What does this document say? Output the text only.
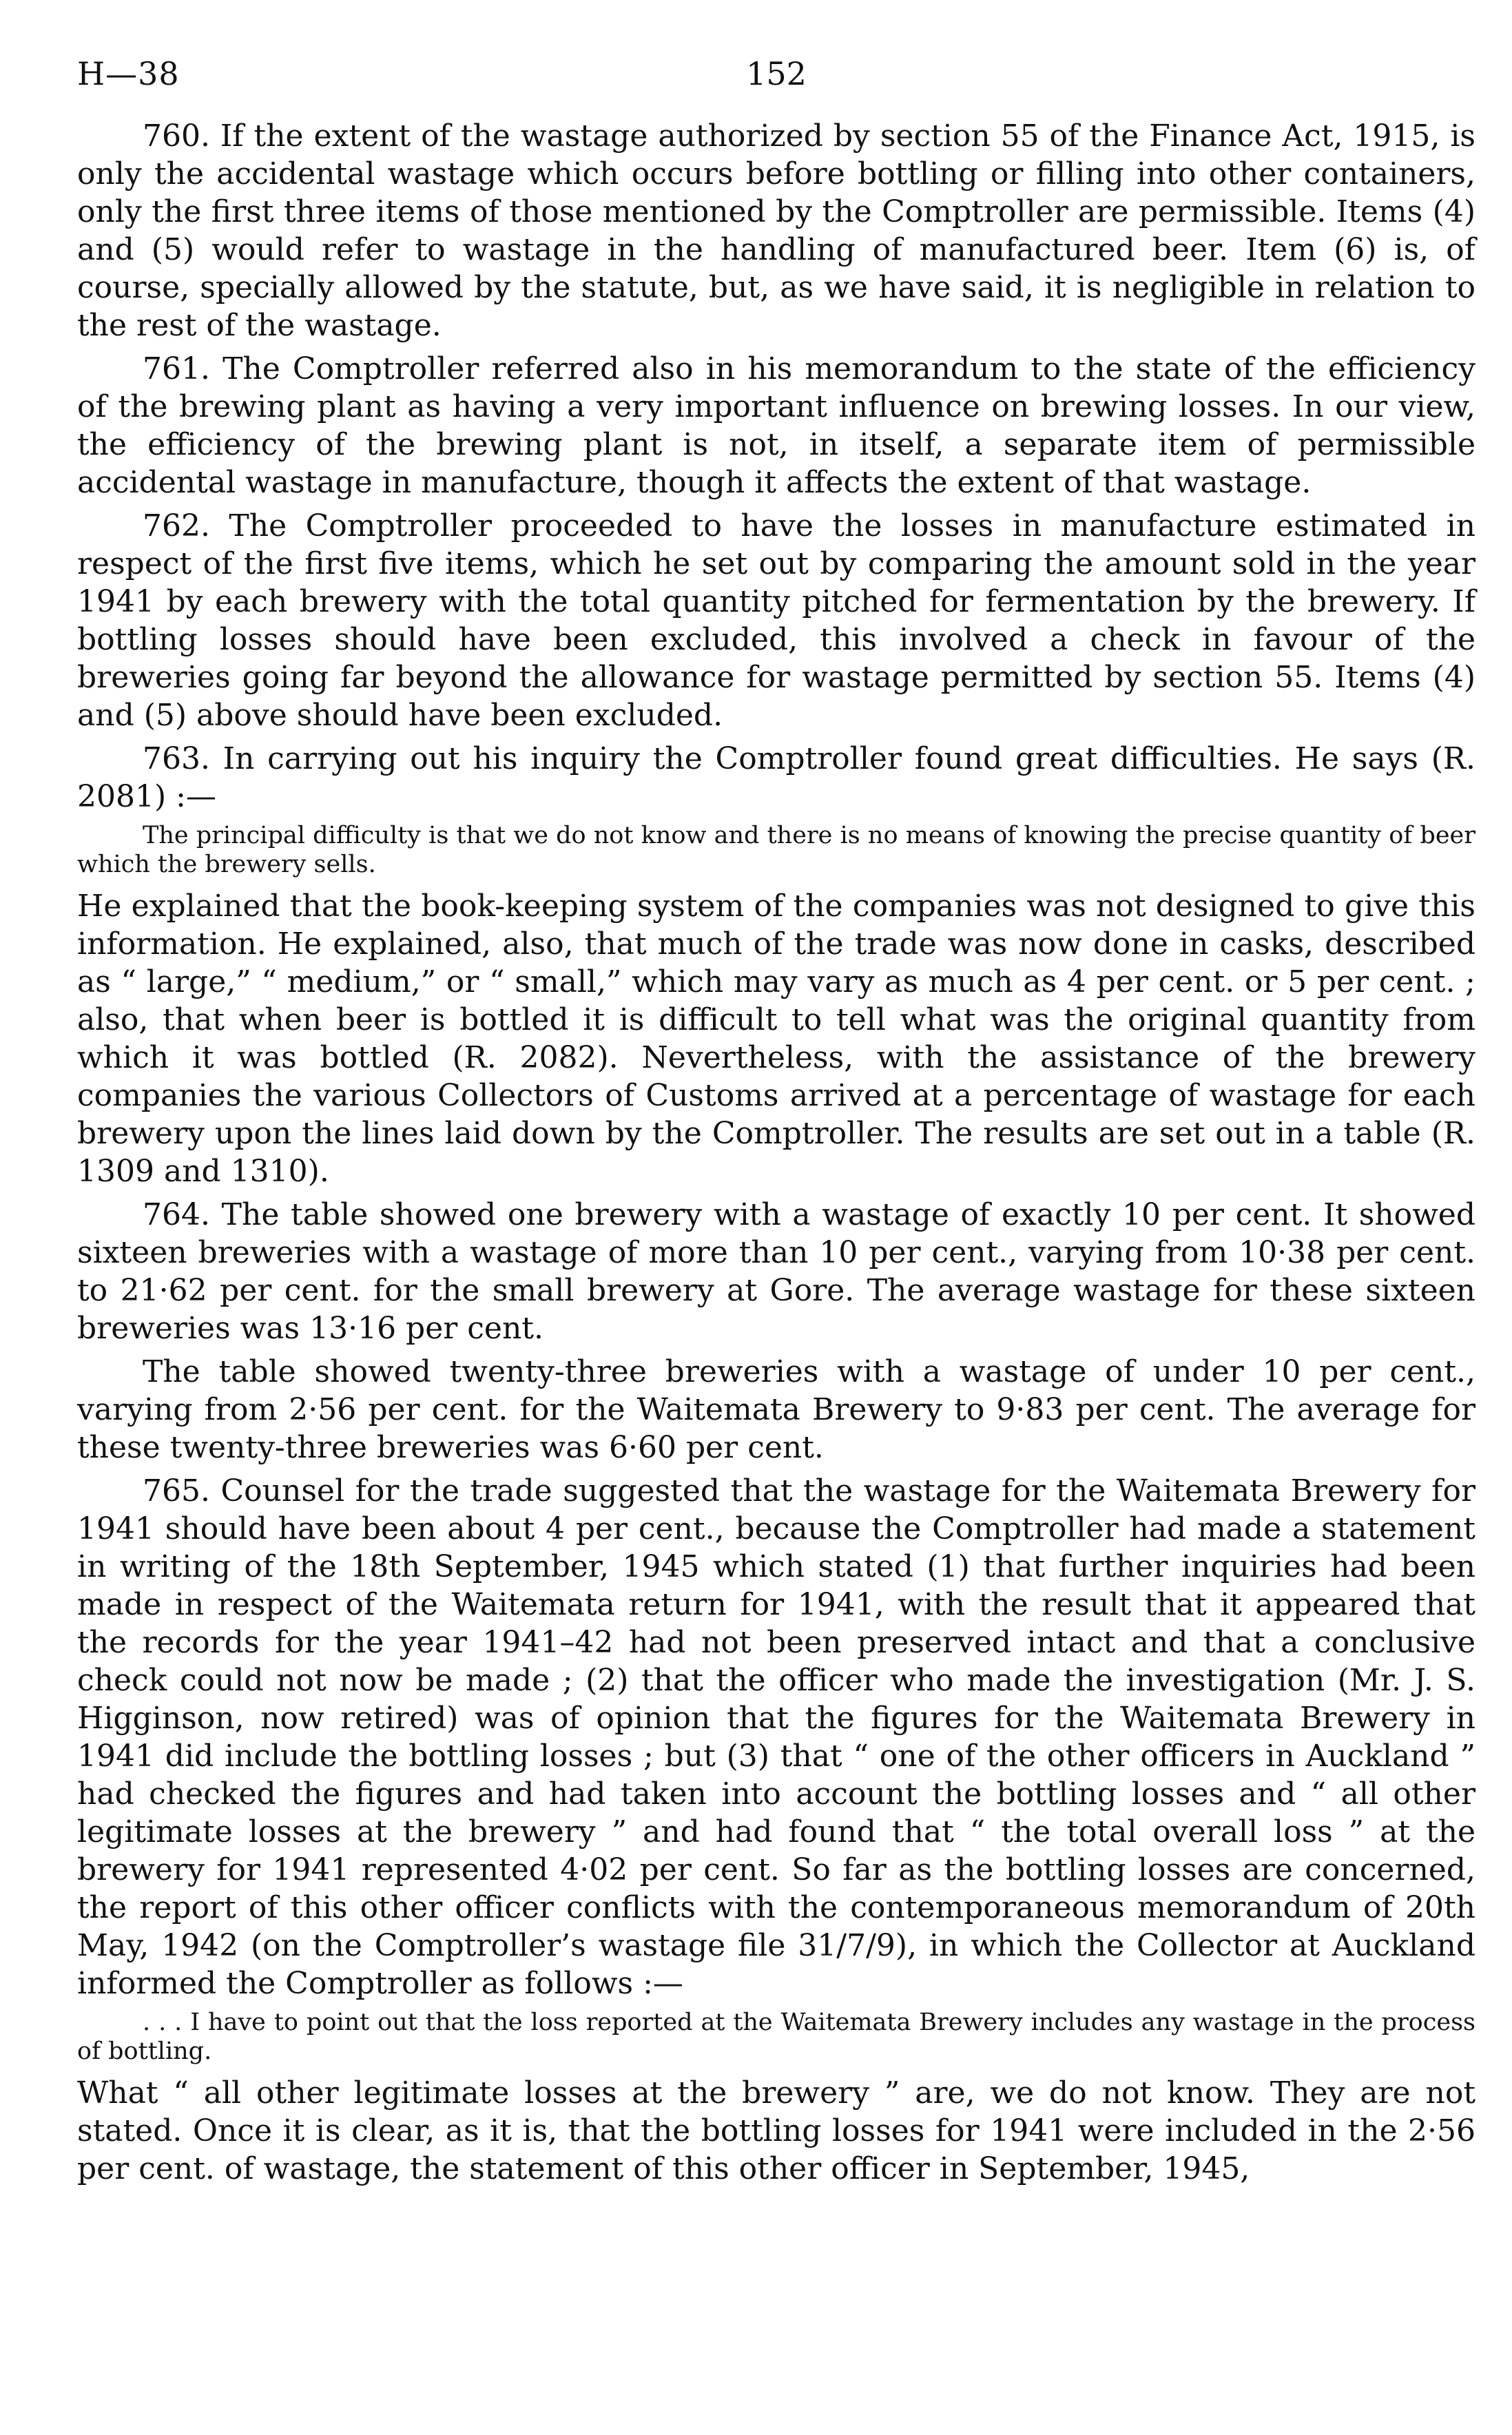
H—38	152

760. If the extent of the wastage authorized by section 55 of the Finance Act, 1915, is only the accidental wastage which occurs before bottling or filling into other containers, only the first three items of those mentioned by the Comptroller are permissible. Items (4) and (5) would refer to wastage in the handling of manufactured beer. Item (6) is, of course, specially allowed by the statute, but, as we have said, it is negligible in relation to the rest of the wastage.

761. The Comptroller referred also in his memorandum to the state of the efficiency of the brewing plant as having a very important influence on brewing losses. In our view, the efficiency of the brewing plant is not, in itself, a separate item of permissible accidental wastage in manufacture, though it affects the extent of that wastage.

762. The Comptroller proceeded to have the losses in manufacture estimated in respect of the first five items, which he set out by comparing the amount sold in the year 1941 by each brewery with the total quantity pitched for fermentation by the brewery. If bottling losses should have been excluded, this involved a check in favour of the breweries going far beyond the allowance for wastage permitted by section 55. Items (4) and (5) above should have been excluded.

763. In carrying out his inquiry the Comptroller found great difficulties. He says (R. 2081) :—

The principal difficulty is that we do not know and there is no means of knowing the precise quantity of beer which the brewery sells.

He explained that the book-keeping system of the companies was not designed to give this information. He explained, also, that much of the trade was now done in casks, described as “ large,” “ medium,” or “ small,” which may vary as much as 4 per cent. or 5 per cent. ; also, that when beer is bottled it is difficult to tell what was the original quantity from which it was bottled (R. 2082). Nevertheless, with the assistance of the brewery companies the various Collectors of Customs arrived at a percentage of wastage for each brewery upon the lines laid down by the Comptroller. The results are set out in a table (R. 1309 and 1310).

764. The table showed one brewery with a wastage of exactly 10 per cent. It showed sixteen breweries with a wastage of more than 10 per cent., varying from 10·38 per cent. to 21·62 per cent. for the small brewery at Gore. The average wastage for these sixteen breweries was 13·16 per cent.

The table showed twenty-three breweries with a wastage of under 10 per cent., varying from 2·56 per cent. for the Waitemata Brewery to 9·83 per cent. The average for these twenty-three breweries was 6·60 per cent.

765. Counsel for the trade suggested that the wastage for the Waitemata Brewery for 1941 should have been about 4 per cent., because the Comptroller had made a statement in writing of the 18th September, 1945 which stated (1) that further inquiries had been made in respect of the Waitemata return for 1941, with the result that it appeared that the records for the year 1941–42 had not been preserved intact and that a conclusive check could not now be made ; (2) that the officer who made the investigation (Mr. J. S. Higginson, now retired) was of opinion that the figures for the Waitemata Brewery in 1941 did include the bottling losses ; but (3) that “ one of the other officers in Auckland ” had checked the figures and had taken into account the bottling losses and “ all other legitimate losses at the brewery ” and had found that “ the total overall loss ” at the brewery for 1941 represented 4·02 per cent. So far as the bottling losses are concerned, the report of this other officer conflicts with the contemporaneous memorandum of 20th May, 1942 (on the Comptroller’s wastage file 31/7/9), in which the Collector at Auckland informed the Comptroller as follows :—

. . . I have to point out that the loss reported at the Waitemata Brewery includes any wastage in the process of bottling.

What “ all other legitimate losses at the brewery ” are, we do not know. They are not stated. Once it is clear, as it is, that the bottling losses for 1941 were included in the 2·56 per cent. of wastage, the statement of this other officer in September, 1945,
